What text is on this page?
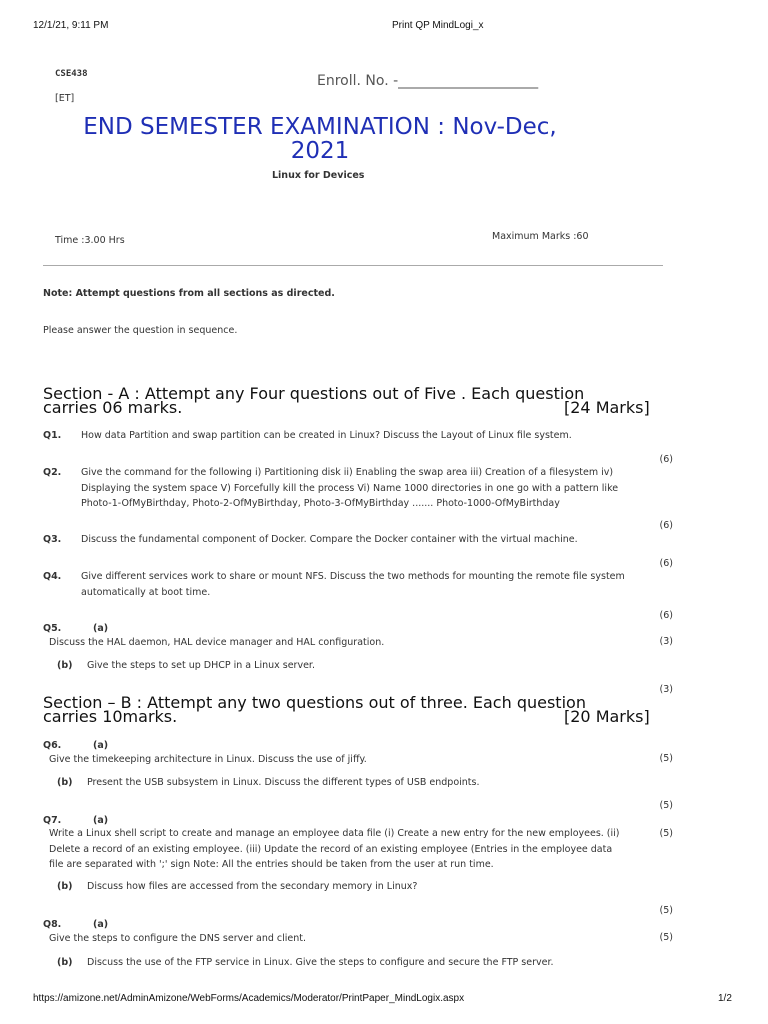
12/1/21, 9:11 PM	Print QP MindLogi_x
CSE438
[ET]
Enroll. No. -____________________
END SEMESTER EXAMINATION : Nov-Dec,
2021
Linux for Devices
Time :3.00 Hrs	Maximum Marks :60
Note: Attempt questions from all sections as directed.
Please answer the question in sequence.
Section - A : Attempt any Four questions out of Five . Each question
carries 06 marks.	[24 Marks]
Q1. How data Partition and swap partition can be created in Linux? Discuss the Layout of Linux file system.
(6)
Q2. Give the command for the following i) Partitioning disk ii) Enabling the swap area iii) Creation of a filesystem iv) Displaying the system space V) Forcefully kill the process Vi) Name 1000 directories in one go with a pattern like Photo-1-OfMyBirthday, Photo-2-OfMyBirthday, Photo-3-OfMyBirthday ....... Photo-1000-OfMyBirthday
(6)
Q3. Discuss the fundamental component of Docker. Compare the Docker container with the virtual machine.
(6)
Q4. Give different services work to share or mount NFS. Discuss the two methods for mounting the remote file system automatically at boot time.
(6)
Q5.	(a)
Discuss the HAL daemon, HAL device manager and HAL configuration.	(3)
(b) Give the steps to set up DHCP in a Linux server.
(3)
Section – B : Attempt any two questions out of three. Each question
carries 10marks.	[20 Marks]
Q6.	(a)
Give the timekeeping architecture in Linux. Discuss the use of jiffy.	(5)
(b) Present the USB subsystem in Linux. Discuss the different types of USB endpoints.
(5)
Q7.	(a)
Write a Linux shell script to create and manage an employee data file (i) Create a new entry for the new employees. (ii) Delete a record of an existing employee. (iii) Update the record of an existing employee (Entries in the employee data file are separated with ';' sign Note: All the entries should be taken from the user at run time.
(5)
(b) Discuss how files are accessed from the secondary memory in Linux?
(5)
Q8.	(a)
Give the steps to configure the DNS server and client.	(5)
(b) Discuss the use of the FTP service in Linux. Give the steps to configure and secure the FTP server.
https://amizone.net/AdminAmizone/WebForms/Academics/Moderator/PrintPaper_MindLogix.aspx	1/2
